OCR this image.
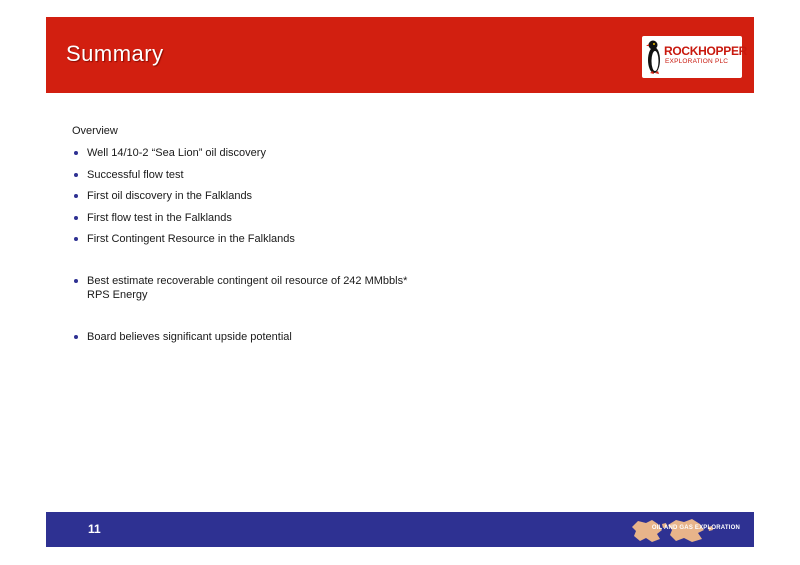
Summary	ROCKHOPPER
EXPLORATION PLC
Overview
Well 14/10-2 “Sea Lion” oil discovery
Successful flow test
First oil discovery in the Falklands
First flow test in the Falklands
First Contingent Resource in the Falklands
Best estimate recoverable contingent oil resource of 242 MMbbls*
RPS Energy
Board believes significant upside potential
11	OIL AND GAS EXPLORATION
